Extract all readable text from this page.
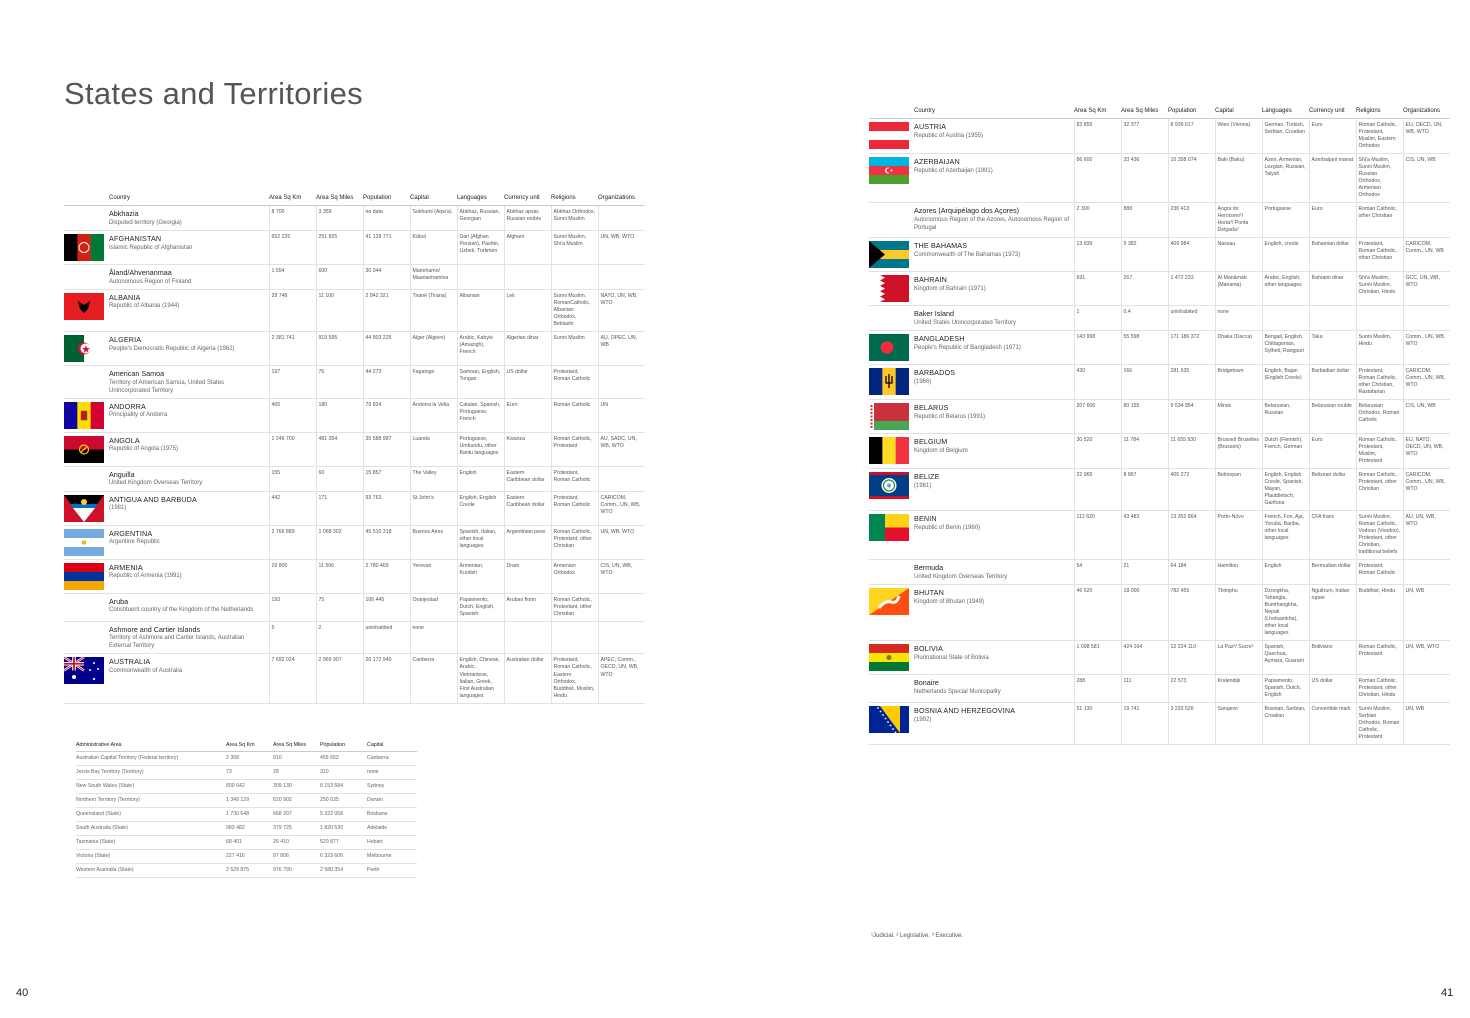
States and Territories
	Country	Area Sq Km	Area Sq Miles	Population	Capital	Languages	Currency unit	Religions	Organizations

	Abkhazia
Disputed territory (Georgia)	8 700	3 359	no data	Sokhumi (Aqw'a)	Abkhaz, Russian, Georgian	Abkhaz apsar, Russian rouble	Abkhaz Orthodox, Sunni Muslim	

AFGHANISTAN
Islamic Republic of Afghanistan	652 225	251 825	41 128 771	Kābul	Dari (Afghan Persian), Pashto, Uzbek, Turkmen	Afghani	Sunni Muslim, Shi'a Muslim	UN, WB, WTO

	Åland/Ahvenanmaa
Autonomous Region of Finland	1 554	600	30 344	Mariehamn/ Maarianhamina				

ALBANIA
Republic of Albania (1944)	28 748	11 100	2 842 321	Tiranë (Tirana)	Albanian	Lek	Sunni Muslim, RomanCatholic, Albanian Orthodox, Bektashi	NATO, UN, WB, WTO

ALGERIA
People's Democratic Republic of Algeria (1962)	2 381 741	919 595	44 903 225	Alger (Algiers)	Arabic, Kabyle (Amazigh), French	Algerian dinar	Sunni Muslim	AU, OPEC, UN, WB

	American Samoa
Territory of American Samoa, United States Unincorporated Territory	197	76	44 273	Fagatogo	Samoan, English, Tongan	US dollar	Protestant, Roman Catholic	

ANDORRA
Principality of Andorra	465	180	79 824	Andorra la Vella	Catalan, Spanish, Portuguese, French	Euro	Roman Catholic	UN

ANGOLA
Republic of Angola (1975)	1 246 700	481 354	35 588 987	Luanda	Portuguese, Umbundu, other Bantu languages	Kwanza	Roman Catholic, Protestant	AU, SADC, UN, WB, WTO

	Anguilla
United Kingdom Overseas Territory	155	60	15 857	The Valley	English	Eastern Caribbean dollar	Protestant, Roman Catholic	

ANTIGUA AND BARBUDA
(1981)	442	171	93 763	St John's	English, English Creole	Eastern Caribbean dollar	Protestant, Roman Catholic	CARICOM, Comm., UN, WB, WTO

ARGENTINA
Argentine Republic	2 766 889	1 068 302	45 510 318	Buenos Aires	Spanish, Italian, other local languages	Argentinian peso	Roman Catholic, Protestant, other Christian	UN, WB, WTO

ARMENIA
Republic of Armenia (1991)	29 800	11 506	2 780 469	Yerevan	Armenian, Kurdish	Dram	Armenian Orthodox	CIS, UN, WB, WTO

	Aruba
Constituent country of the Kingdom of the Netherlands	193	75	106 445	Oranjestad	Papiamento, Dutch, English, Spanish	Aruban florin	Roman Catholic, Protestant, other Christian	

	Ashmore and Cartier Islands
Territory of Ashmore and Cartier Islands, Australian External Territory	5	2	uninhabited	none				

AUSTRALIA
Commonwealth of Australia	7 692 024	2 969 907	26 172 940	Canberra	English, Chinese, Arabic, Vietnamese, Italian, Greek, First Australian languages	Australian dollar	Protestant, Roman Catholic, Eastern Orthodox, Buddhist, Muslim, Hindu	APEC, Comm., OECD, UN, WB, WTO
Administrative Area	Area Sq Km	Area Sq Miles	Population	Capital
Australian Capital Territory (Federal territory)	2 358	910	456 652	Canberra
Jervis Bay Territory (Territory)	73	28	310	none
New South Wales (State)	800 642	309 130	8 153 584	Sydney
Northern Territory (Territory)	1 349 129	520 902	250 635	Darwin
Queensland (State)	1 730 648	668 207	5 322 058	Brisbane
South Australia (State)	983 482	379 725	1 820 530	Adelaide
Tasmania (State)	68 401	26 410	520 877	Hobart
Victoria (State)	227 416	87 806	6 323 606	Melbourne
Western Australia (State)	2 529 875	976 790	2 580 354	Perth
40
	Country	Area Sq Km	Area Sq Miles	Population	Capital	Languages	Currency unit	Religions	Organizations

AUSTRIA
Republic of Austria (1955)	83 855	32 377	8 939 617	Wien (Vienna)	German, Turkish, Serbian, Croatian	Euro	Roman Catholic, Protestant, Muslim, Eastern Orthodox	EU, OECD, UN, WB, WTO

AZERBAIJAN
Republic of Azerbaijan (1991)	86 600	33 436	10 358 074	Baki (Baku)	Azeri, Armenian, Lezgian, Russian, Talysh	Azerbaijani manat	Shi'a Muslim, Sunni Muslim, Russian Orthodox, Armenian Orthodox	CIS, UN, WB

	Azores (Arquipélago dos Açores)
Autonomous Region of the Azores, Autonomous Region of Portugal	2 300	888	236 413	Angra do Heroísmo¹/ Horta²/ Ponta Delgada³	Portuguese	Euro	Roman Catholic, other Christian	

THE BAHAMAS
Commonwealth of The Bahamas (1973)	13 939	5 382	409 984	Nassau	English, creole	Bahamian dollar	Protestant, Roman Catholic, other Christian	CARICOM, Comm., UN, WB

BAHRAIN
Kingdom of Bahrain (1971)	691	267	1 472 233	Al Manāmah (Manama)	Arabic, English, other languages	Bahraini dinar	Shi'a Muslim, Sunni Muslim, Christian, Hindu	GCC, UN, WB, WTO

	Baker Island
United States Unincorporated Territory	1	0.4	uninhabited	none				

BANGLADESH
People's Republic of Bangladesh (1971)	143 998	55 598	171 186 372	Dhaka (Dacca)	Bengali, English, Chittagonian, Sylheti, Rangpuri	Taka	Sunni Muslim, Hindu	Comm., UN, WB, WTO

BARBADOS
(1966)	430	166	281 635	Bridgetown	English, Bajan (English Creole)	Barbadian dollar	Protestant, Roman Catholic, other Christian, Rastafarian	CARICOM, Comm., UN, WB, WTO

BELARUS
Republic of Belarus (1991)	207 600	80 155	9 534 954	Minsk	Belarusian, Russian	Belarusian rouble	Belarusian Orthodox, Roman Catholic	CIS, UN, WB

BELGIUM
Kingdom of Belgium	30 520	11 784	11 655 930	Brussel/ Bruxelles (Brussels)	Dutch (Flemish), French, German	Euro	Roman Catholic, Protestant, Muslim, Protestant	EU, NATO, OECD, UN, WB, WTO

BELIZE
(1981)	22 965	8 867	405 272	Belmopan	English, English Creole, Spanish, Mayan, Plautdietsch, Garifuna	Belizean dollar	Roman Catholic, Protestant, other Christian	CARICOM, Comm., UN, WB, WTO

BENIN
Republic of Benin (1960)	112 620	43 483	13 352 864	Porto-Novo	French, Fon, Aja, Yoruba, Bariba, other local languages	CFA franc	Sunni Muslim, Roman Catholic, Vodoun (Voodoo), Protestant, other Christian, traditional beliefs	AU, UN, WB, WTO

	Bermuda
United Kingdom Overseas Territory	54	21	64 184	Hamilton	English	Bermudian dollar	Protestant, Roman Catholic	

BHUTAN
Kingdom of Bhutan (1949)	46 620	18 000	782 455	Thimphu	Dzongkha, Tshangla, Bumthangkha, Nepali (Lhotsamkha), other local languages	Ngultrum, Indian rupee	Buddhist, Hindu	UN, WB

BOLIVIA
Plurinational State of Bolivia	1 098 581	424 164	12 224 110	La Paz²/ Sucre¹	Spanish, Quechua, Aymara, Guaraní	Boliviano	Roman Catholic, Protestant	UN, WB, WTO

	Bonaire
Netherlands Special Municipality	288	111	22 573	Kralendijk	Papiamento, Spanish, Dutch, English	US dollar	Roman Catholic, Protestant, other Christian, Hindu	

BOSNIA AND HERZEGOVINA
(1992)	51 130	19 741	3 233 526	Sarajevo	Bosnian, Serbian, Croatian	Convertible mark	Sunni Muslim, Serbian Orthodox, Roman Catholic, Protestant	UN, WB
¹Judicial. ² Legislative. ³ Executive.
41
